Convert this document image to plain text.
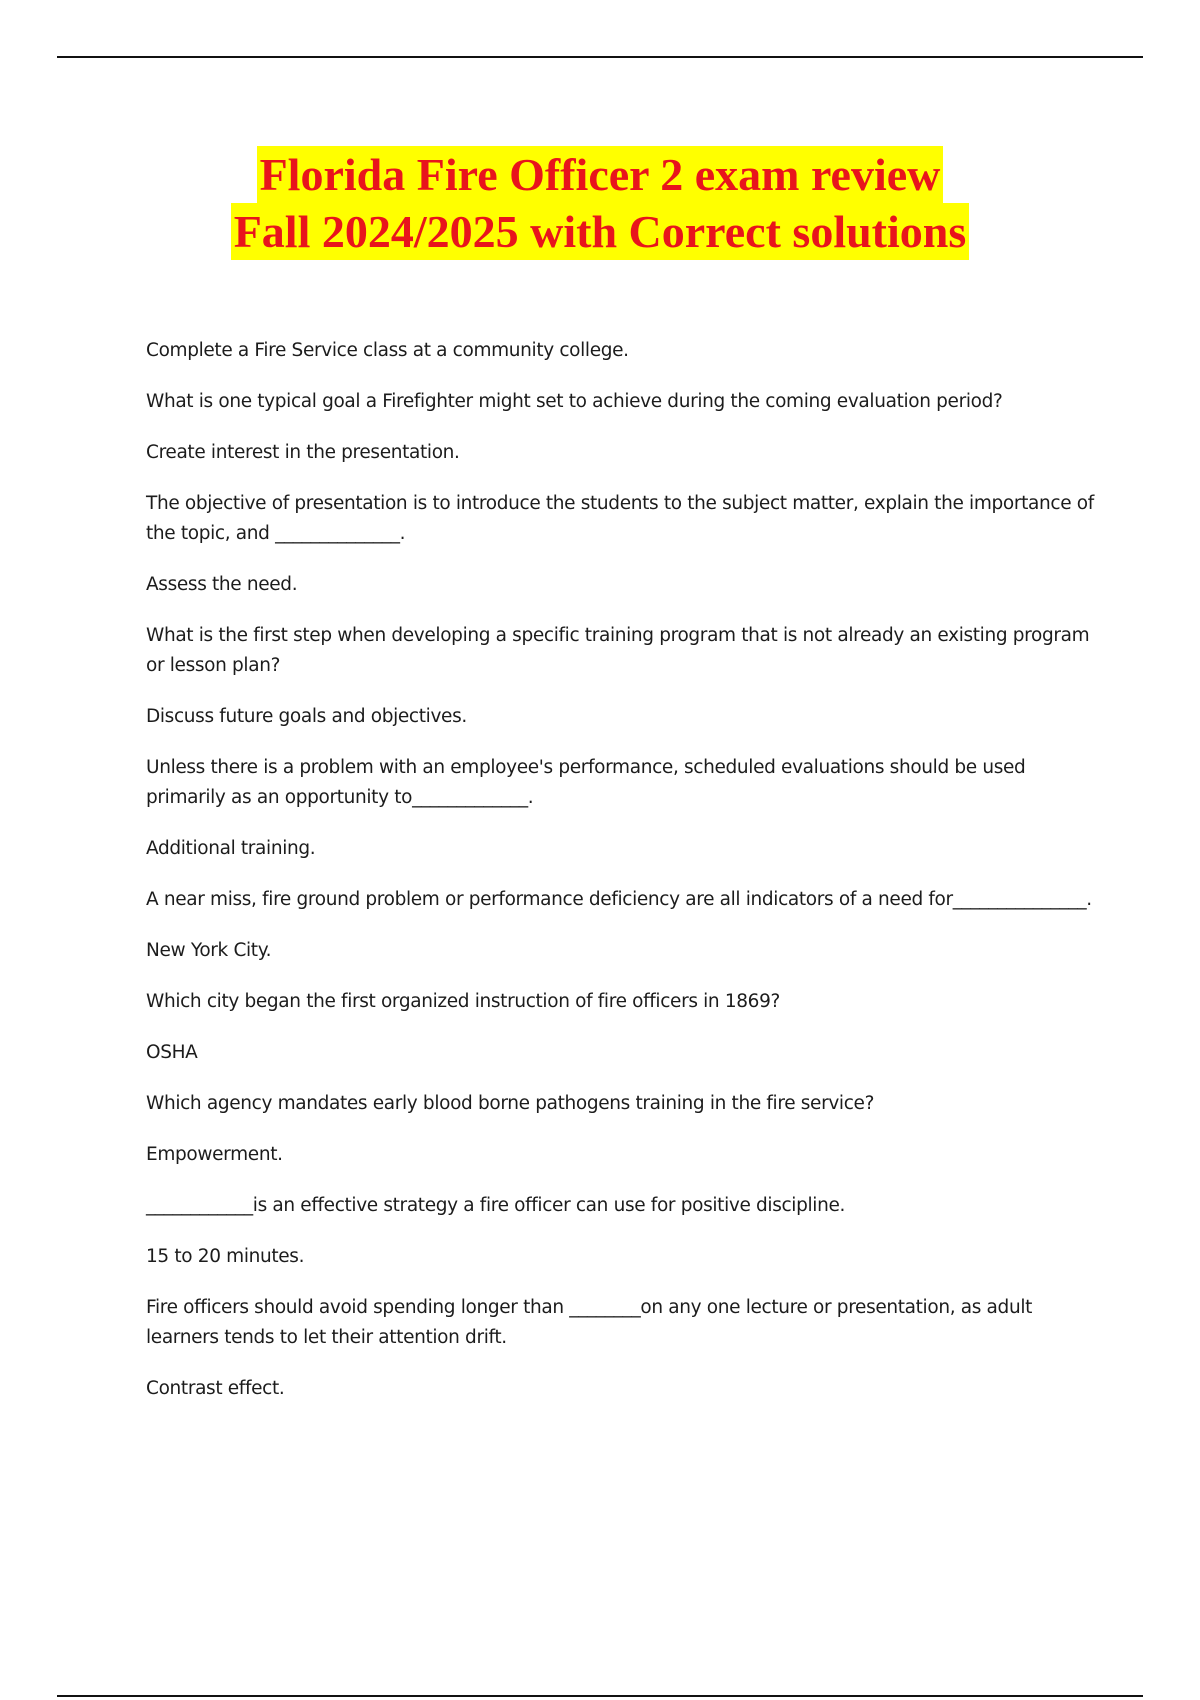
Florida Fire Officer 2 exam review
Fall 2024/2025 with Correct solutions

Complete a Fire Service class at a community college.

What is one typical goal a Firefighter might set to achieve during the coming evaluation period?

Create interest in the presentation.

The objective of presentation is to introduce the students to the subject matter, explain the importance of the topic, and ______________.

Assess the need.

What is the first step when developing a specific training program that is not already an existing program or lesson plan?

Discuss future goals and objectives.

Unless there is a problem with an employee's performance, scheduled evaluations should be used primarily as an opportunity to_____________.

Additional training.

A near miss, fire ground problem or performance deficiency are all indicators of a need for_______________.

New York City.

Which city began the first organized instruction of fire officers in 1869?

OSHA

Which agency mandates early blood borne pathogens training in the fire service?

Empowerment.

____________is an effective strategy a fire officer can use for positive discipline.

15 to 20 minutes.

Fire officers should avoid spending longer than ________on any one lecture or presentation, as adult learners tends to let their attention drift.

Contrast effect.
